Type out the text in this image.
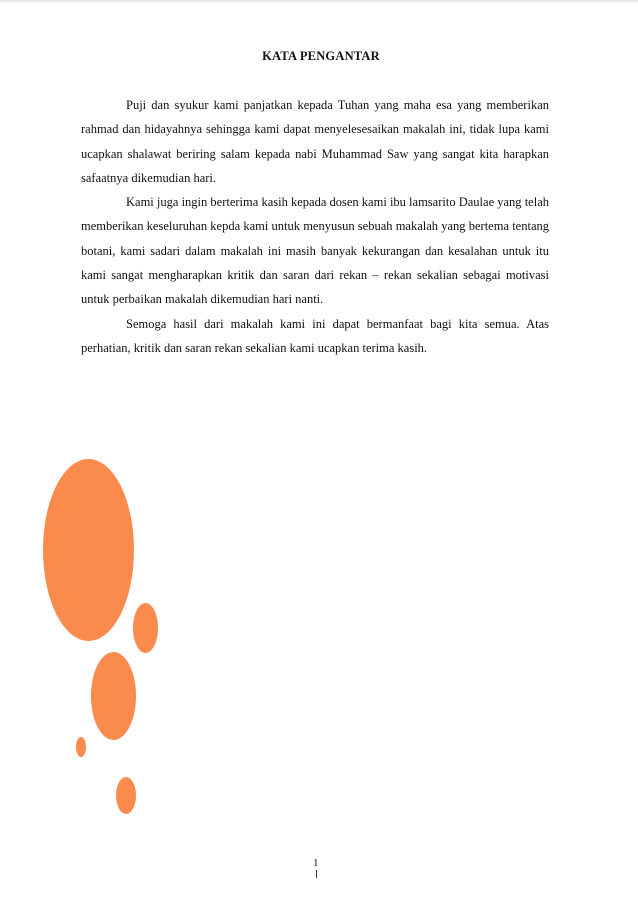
KATA PENGANTAR

Puji dan syukur kami panjatkan kepada Tuhan yang maha esa yang memberikan rahmad dan hidayahnya sehingga kami dapat menyelesesaikan makalah ini, tidak lupa kami ucapkan shalawat beriring salam kepada nabi Muhammad Saw yang sangat kita harapkan safaatnya dikemudian hari.

Kami juga ingin berterima kasih kepada dosen kami ibu lamsarito Daulae yang telah memberikan keseluruhan kepda kami untuk menyusun sebuah makalah yang bertema tentang botani, kami sadari dalam makalah ini masih banyak kekurangan dan kesalahan untuk itu kami sangat mengharapkan kritik dan saran dari rekan – rekan sekalian sebagai motivasi untuk perbaikan makalah dikemudian hari nanti.

Semoga hasil dari makalah kami ini dapat bermanfaat bagi kita semua. Atas perhatian, kritik dan saran rekan sekalian kami ucapkan terima kasih.

1
